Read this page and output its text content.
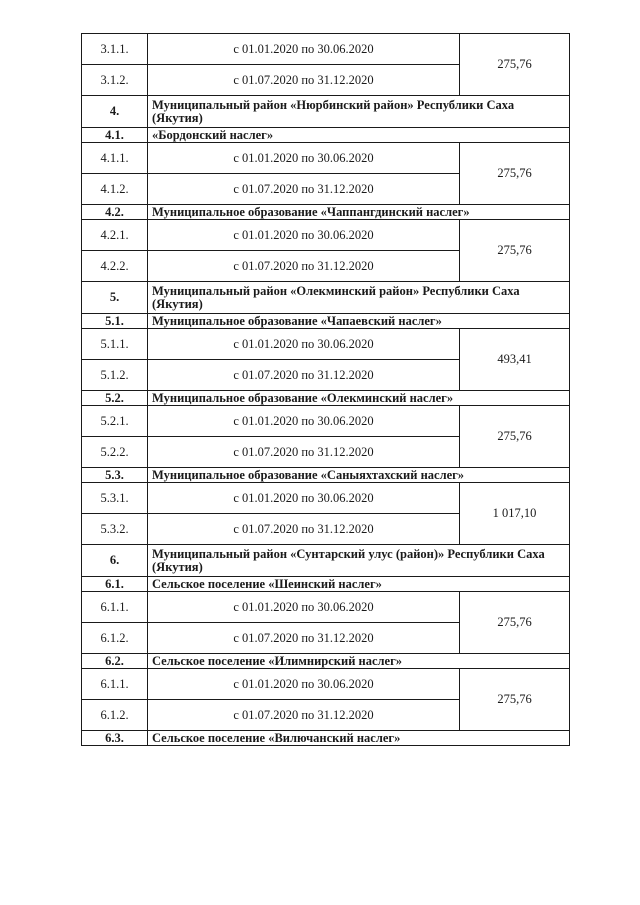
3.1.1.	с 01.01.2020 по 30.06.2020	275,76
3.1.2.	с 01.07.2020 по 31.12.2020	
4.	Муниципальный район «Нюрбинский район» Республики Саха (Якутия)	
4.1.	«Бордонский наслег»	
4.1.1.	с 01.01.2020 по 30.06.2020	275,76
4.1.2.	с 01.07.2020 по 31.12.2020	
4.2.	Муниципальное образование «Чаппангдинский наслег»	
4.2.1.	с 01.01.2020 по 30.06.2020	275,76
4.2.2.	с 01.07.2020 по 31.12.2020	
5.	Муниципальный район «Олекминский район» Республики Саха (Якутия)	
5.1.	Муниципальное образование «Чапаевский наслег»	
5.1.1.	с 01.01.2020 по 30.06.2020	493,41
5.1.2.	с 01.07.2020 по 31.12.2020	
5.2.	Муниципальное образование «Олекминский наслег»	
5.2.1.	с 01.01.2020 по 30.06.2020	275,76
5.2.2.	с 01.07.2020 по 31.12.2020	
5.3.	Муниципальное образование «Саныяхтахский наслег»	
5.3.1.	с 01.01.2020 по 30.06.2020	1 017,10
5.3.2.	с 01.07.2020 по 31.12.2020	
6.	Муниципальный район «Сунтарский улус (район)» Республики Саха (Якутия)	
6.1.	Сельское поселение «Шеинский наслег»	
6.1.1.	с 01.01.2020 по 30.06.2020	275,76
6.1.2.	с 01.07.2020 по 31.12.2020	
6.2.	Сельское поселение «Илимнирский наслег»	
6.1.1.	с 01.01.2020 по 30.06.2020	275,76
6.1.2.	с 01.07.2020 по 31.12.2020	
6.3.	Сельское поселение «Вилючанский наслег»	
